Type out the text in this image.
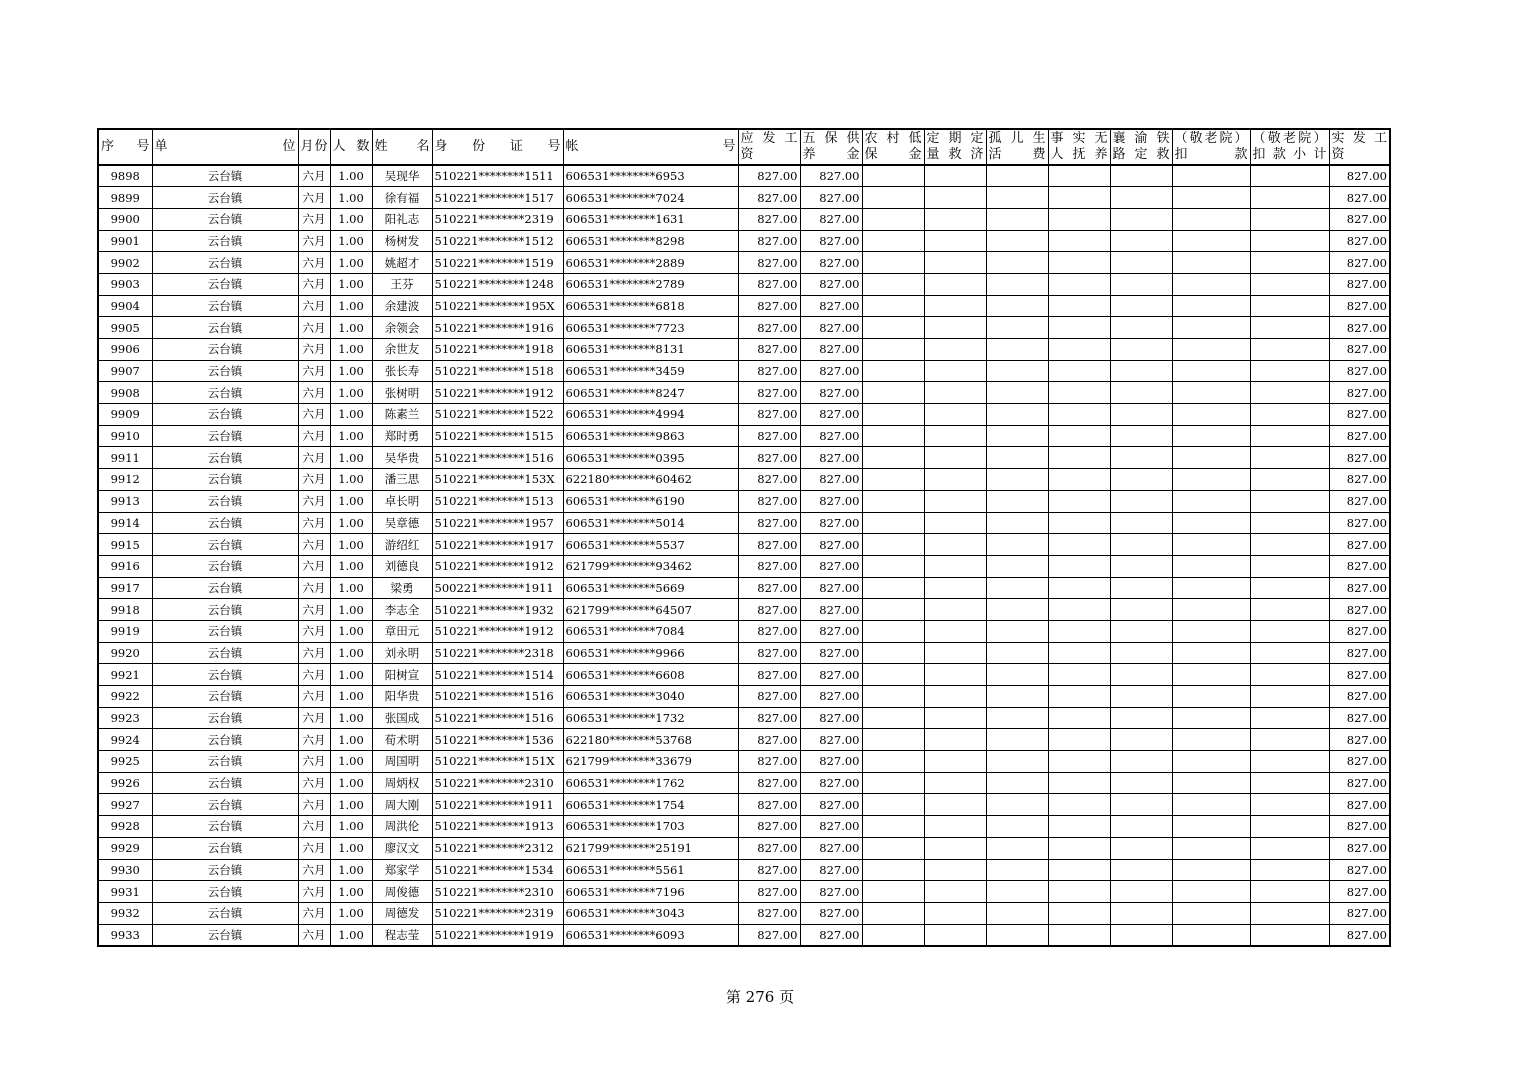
序 号	单 位	月份	人 数	姓 名	身 份 证 号	帐 号	应 发 工 资	五 保 供 养 金	农 村 低 保 金	定 期 定 量 救 济	孤 儿 生 活 费	事 实 无 人 抚 养	襄 渝 铁 路 定 救	（敬老院）扣 款	（敬老院）扣 款 小 计	实 发 工 资
9898	云台镇	六月	1.00	吴现华	510221********1511	606531********6953	827.00	827.00								827.00
9899	云台镇	六月	1.00	徐有福	510221********1517	606531********7024	827.00	827.00								827.00
9900	云台镇	六月	1.00	阳礼志	510221********2319	606531********1631	827.00	827.00								827.00
9901	云台镇	六月	1.00	杨树发	510221********1512	606531********8298	827.00	827.00								827.00
9902	云台镇	六月	1.00	姚超才	510221********1519	606531********2889	827.00	827.00								827.00
9903	云台镇	六月	1.00	王芬	510221********1248	606531********2789	827.00	827.00								827.00
9904	云台镇	六月	1.00	余建波	510221********195X	606531********6818	827.00	827.00								827.00
9905	云台镇	六月	1.00	余领会	510221********1916	606531********7723	827.00	827.00								827.00
9906	云台镇	六月	1.00	余世友	510221********1918	606531********8131	827.00	827.00								827.00
9907	云台镇	六月	1.00	张长寿	510221********1518	606531********3459	827.00	827.00								827.00
9908	云台镇	六月	1.00	张树明	510221********1912	606531********8247	827.00	827.00								827.00
9909	云台镇	六月	1.00	陈素兰	510221********1522	606531********4994	827.00	827.00								827.00
9910	云台镇	六月	1.00	郑时勇	510221********1515	606531********9863	827.00	827.00								827.00
9911	云台镇	六月	1.00	吴华贵	510221********1516	606531********0395	827.00	827.00								827.00
9912	云台镇	六月	1.00	潘三思	510221********153X	622180********60462	827.00	827.00								827.00
9913	云台镇	六月	1.00	卓长明	510221********1513	606531********6190	827.00	827.00								827.00
9914	云台镇	六月	1.00	吴章德	510221********1957	606531********5014	827.00	827.00								827.00
9915	云台镇	六月	1.00	游绍红	510221********1917	606531********5537	827.00	827.00								827.00
9916	云台镇	六月	1.00	刘德良	510221********1912	621799********93462	827.00	827.00								827.00
9917	云台镇	六月	1.00	梁勇	500221********1911	606531********5669	827.00	827.00								827.00
9918	云台镇	六月	1.00	李志全	510221********1932	621799********64507	827.00	827.00								827.00
9919	云台镇	六月	1.00	章田元	510221********1912	606531********7084	827.00	827.00								827.00
9920	云台镇	六月	1.00	刘永明	510221********2318	606531********9966	827.00	827.00								827.00
9921	云台镇	六月	1.00	阳树宣	510221********1514	606531********6608	827.00	827.00								827.00
9922	云台镇	六月	1.00	阳华贵	510221********1516	606531********3040	827.00	827.00								827.00
9923	云台镇	六月	1.00	张国成	510221********1516	606531********1732	827.00	827.00								827.00
9924	云台镇	六月	1.00	荀术明	510221********1536	622180********53768	827.00	827.00								827.00
9925	云台镇	六月	1.00	周国明	510221********151X	621799********33679	827.00	827.00								827.00
9926	云台镇	六月	1.00	周炳权	510221********2310	606531********1762	827.00	827.00								827.00
9927	云台镇	六月	1.00	周大刚	510221********1911	606531********1754	827.00	827.00								827.00
9928	云台镇	六月	1.00	周洪伦	510221********1913	606531********1703	827.00	827.00								827.00
9929	云台镇	六月	1.00	廖汉文	510221********2312	621799********25191	827.00	827.00								827.00
9930	云台镇	六月	1.00	郑家学	510221********1534	606531********5561	827.00	827.00								827.00
9931	云台镇	六月	1.00	周俊德	510221********2310	606531********7196	827.00	827.00								827.00
9932	云台镇	六月	1.00	周德发	510221********2319	606531********3043	827.00	827.00								827.00
9933	云台镇	六月	1.00	程志莹	510221********1919	606531********6093	827.00	827.00								827.00
第 276 页
